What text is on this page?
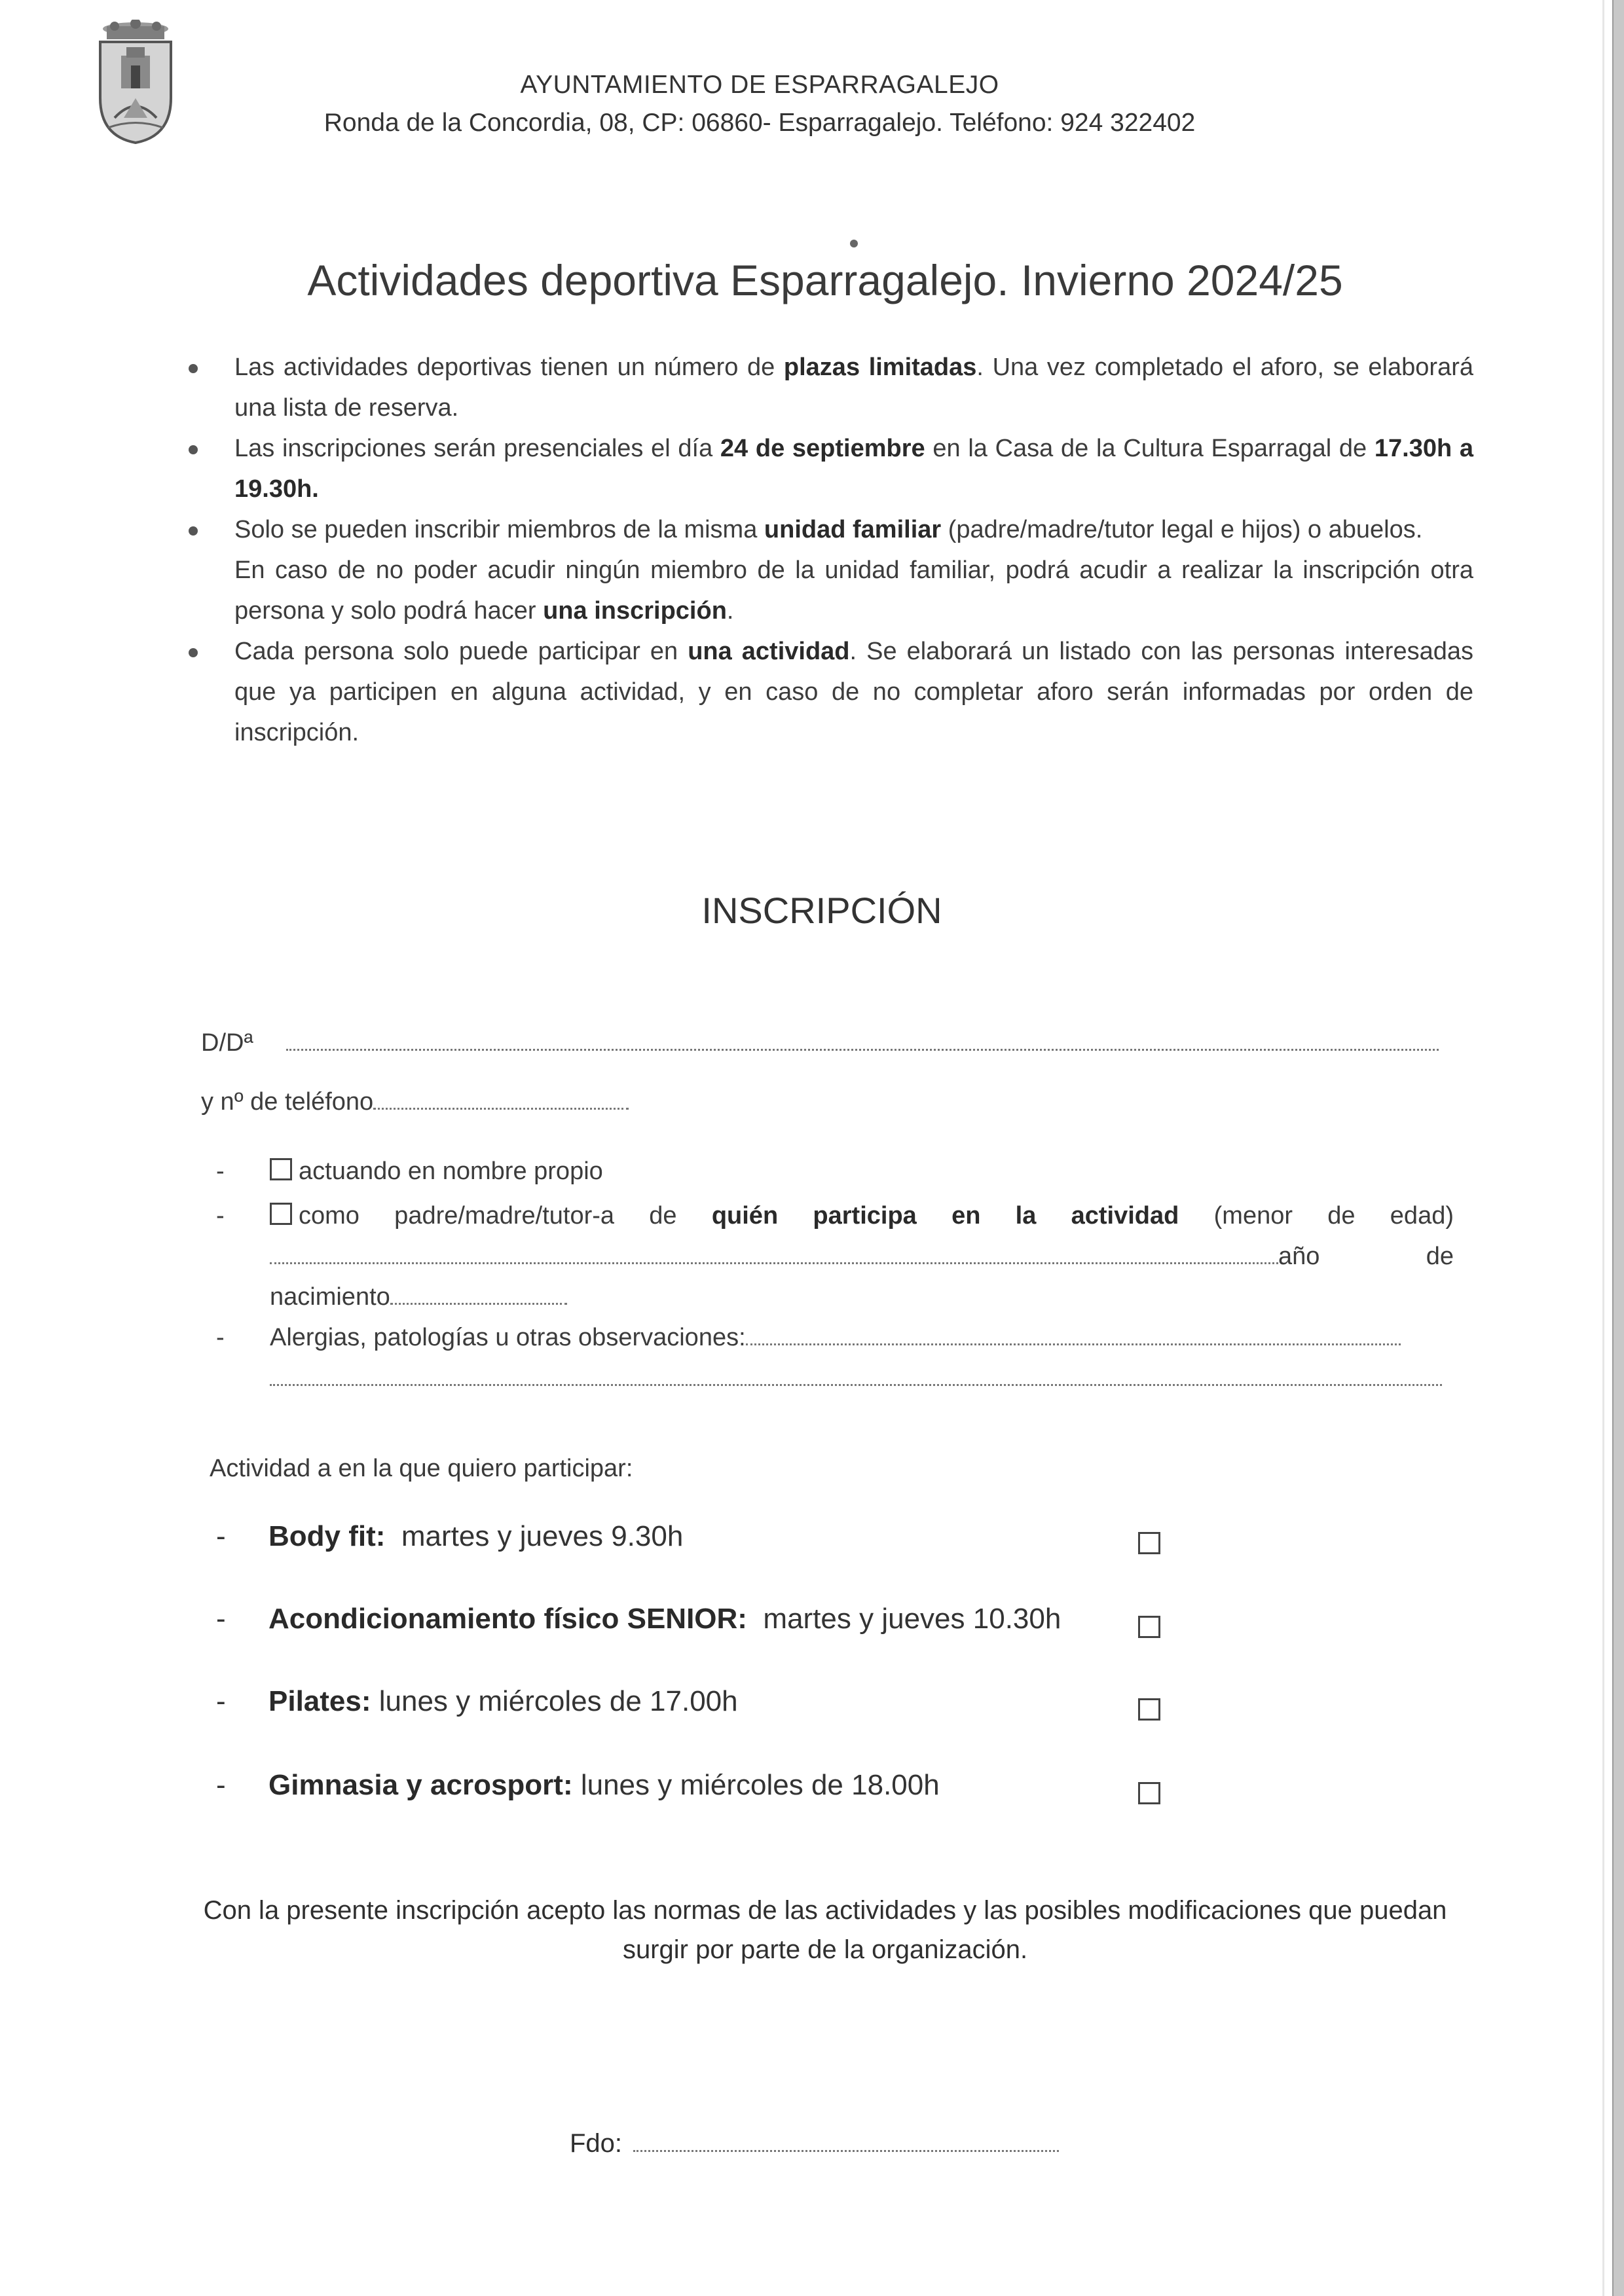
AYUNTAMIENTO DE ESPARRAGALEJO
Ronda de la Concordia, 08, CP: 06860- Esparragalejo. Teléfono: 924 322402
Actividades deportiva Esparragalejo. Invierno 2024/25

Las actividades deportivas tienen un número de plazas limitadas. Una vez completado el aforo, se elaborará una lista de reserva.

Las inscripciones serán presenciales el día 24 de septiembre en la Casa de la Cultura Esparragal de 17.30h a 19.30h.

Solo se pueden inscribir miembros de la misma unidad familiar (padre/madre/tutor legal e hijos) o abuelos.

En caso de no poder acudir ningún miembro de la unidad familiar, podrá acudir a realizar la inscripción otra persona y solo podrá hacer una inscripción.

Cada persona solo puede participar en una actividad. Se elaborará un listado con las personas interesadas que ya participen en alguna actividad, y en caso de no completar aforo serán informadas por orden de inscripción.

INSCRIPCIÓN
D/Dª
y nº de teléfono
-	actuando en nombre propio
-	como padre/madre/tutor-a de quién participa en la actividad (menor de edad)año de nacimiento
- Alergias, patologías u otras observaciones:

Actividad a en la que quiero participar:
- Body fit:  martes y jueves 9.30h
- Acondicionamiento físico SENIOR:  martes y jueves 10.30h
- Pilates: lunes y miércoles de 17.00h
- Gimnasia y acrosport: lunes y miércoles de 18.00h
Con la presente inscripción acepto las normas de las actividades y las posibles modificaciones que puedan surgir por parte de la organización.
Fdo:
